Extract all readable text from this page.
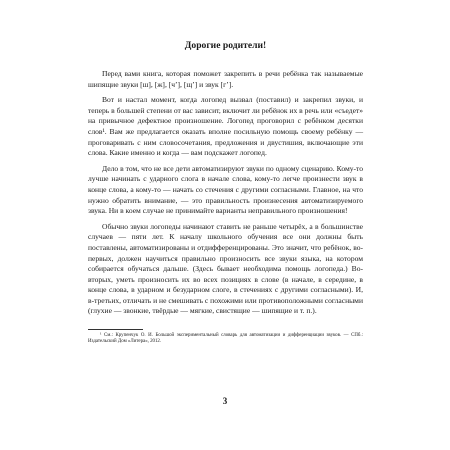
Дорогие родители!

Перед вами книга, которая поможет закрепить в речи ребёнка так называемые шипящие звуки [ш], [ж], [ч’], [щ’] и звук [г’].

Вот и настал момент, когда логопед вызвал (поставил) и закрепил звуки, и теперь в большей степени от вас зависит, включит ли ребёнок их в речь или «съедет» на привычное дефектное произношение. Логопед проговорил с ребёнком десятки слов¹. Вам же предлагается оказать вполне посильную помощь своему ребёнку — проговаривать с ним словосочетания, предложения и двустишия, включающие эти слова. Какие именно и когда — вам подскажет логопед.

Дело в том, что не все дети автоматизируют звуки по одному сценарию. Кому-то лучше начинать с ударного слога в начале слова, кому-то легче произнести звук в конце слова, а кому-то — начать со стечения с другими согласными. Главное, на что нужно обратить внимание, — это правильность произнесения автоматизируемого звука. Ни в коем случае не принимайте варианты неправильного произношения!

Обычно звуки логопеды начинают ставить не раньше четырёх, а в большинстве случаев — пяти лет. К началу школьного обучения все они должны быть поставлены, автоматизированы и отдифференцированы. Это значит, что ребёнок, во-первых, должен научиться правильно произносить все звуки языка, на котором собирается обучаться дальше. (Здесь бывает необходима помощь логопеда.) Во-вторых, уметь произносить их во всех позициях в слове (в начале, в середине, в конце слова, в ударном и безударном слоге, в стечениях с другими согласными). И, в-третьих, отличать и не смешивать с похожими или противоположными согласными (глухие — звонкие, твёрдые — мягкие, свистящие — шипящие и т. п.).

¹ См.: Крупенчук О. И. Большой экспериментальный словарь для автоматизации и дифференциации звуков. — СПб.: Издательский Дом «Литера», 2012.

3
